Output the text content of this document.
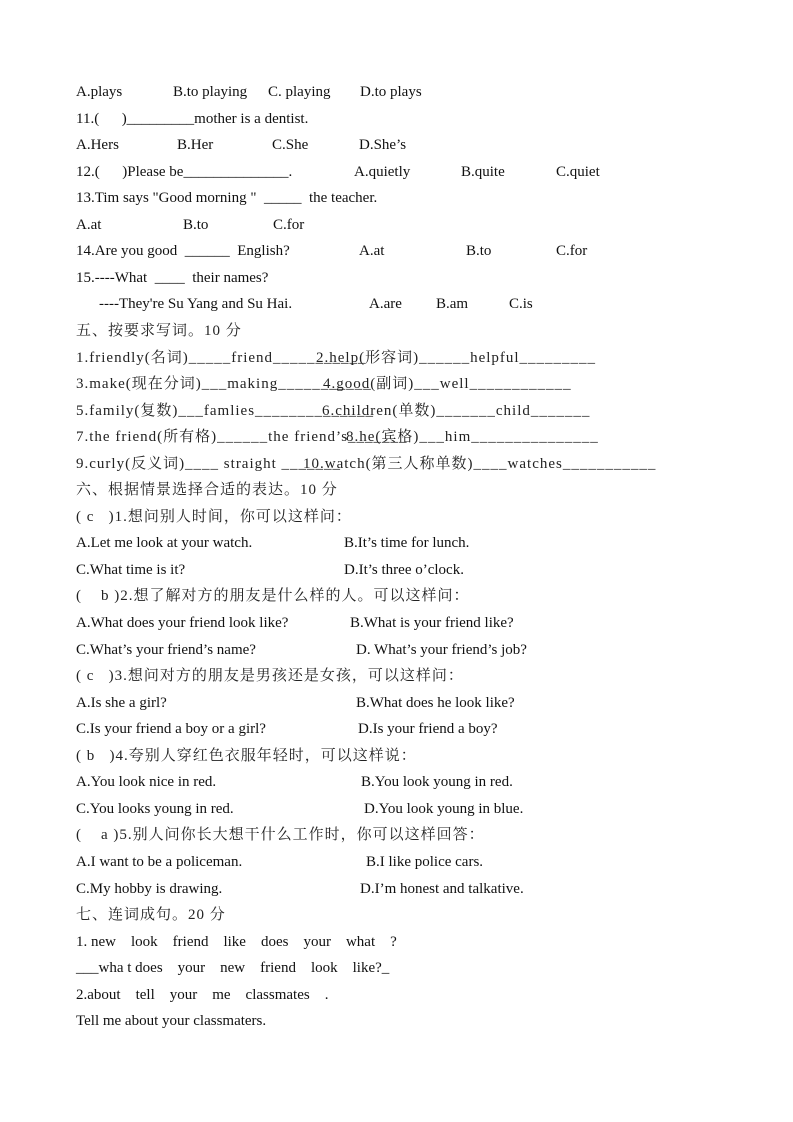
A.plays	B.to playing C. playing D.to plays
11.(      )_________mother is a dentist.
A.Hers	B.Her	C.She	D.She’s
12.(      )Please be______________.	A.quietly	B.quite	C.quiet
13.Tim says "Good morning "  _____  the teacher.
A.at	B.to	C.for
14.Are you good  ______  English?	A.at	B.to	C.for
15.----What  ____  their names?
----They're Su Yang and Su Hai.	A.are B.am	C.is
五、按要求写词。10 分
1.friendly(名词)_____friend___________
2.help(形容词)______helpful_________
3.make(现在分词)___making___________
4.good(副词)___well____________
5.family(复数)___famlies______________
6.children(单数)_______child_______
7.the friend(所有格)______the friend’s_______
8.he(宾格)___him_______________
9.curly(反义词)____ straight _______
10.watch(第三人称单数)____watches___________
六、根据情景选择合适的表达。10 分
( c   )1.想问别人时间，你可以这样问：
A.Let me look at your watch.	B.It’s time for lunch.
C.What time is it?	D.It’s three o’clock.
(    b )2.想了解对方的朋友是什么样的人。可以这样问：
A.What does your friend look like?	B.What is your friend like?
C.What’s your friend’s name?	D. What’s your friend’s job?
( c   )3.想问对方的朋友是男孩还是女孩，可以这样问：
A.Is she a girl?	B.What does he look like?
C.Is your friend a boy or a girl?	D.Is your friend a boy?
( b   )4.夸别人穿红色衣服年轻时，可以这样说：
A.You look nice in red.	B.You look young in red.
C.You looks young in red.	D.You look young in blue.
(    a )5.别人问你长大想干什么工作时，你可以这样回答：
A.I want to be a policeman.	B.I like police cars.
C.My hobby is drawing.	D.I’m honest and talkative.
七、连词成句。20 分
1. new    look    friend    like    does    your    what    ?
___wha t does    your    new    friend    look    like?_
2.about    tell    your    me    classmates    .
Tell me about your classmaters.
